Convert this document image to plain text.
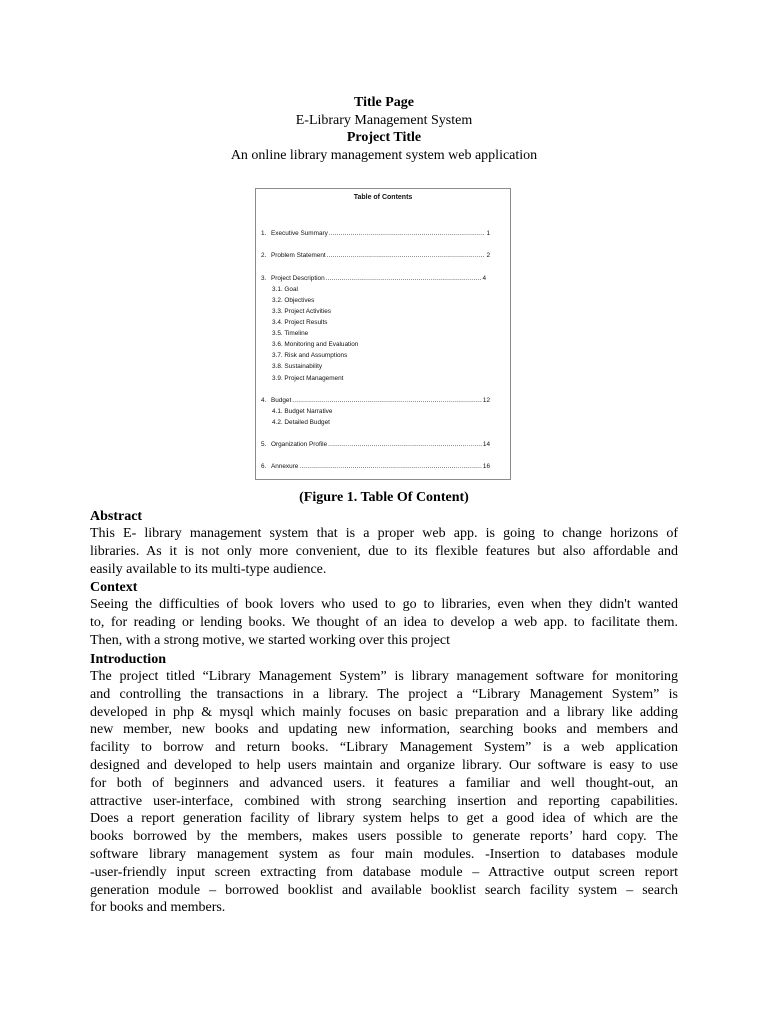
Title Page
E-Library Management System
Project Title
An online library management system web application
Table of Contents
1. Executive Summary .....	1
2. Problem Statement .....	2
3. Project Description .....	4
3.1. Goal
3.2. Objectives
3.3. Project Activities
3.4. Project Results
3.5. Timeline
3.6. Monitoring and Evaluation
3.7. Risk and Assumptions
3.8. Sustainability
3.9. Project Management
4. Budget .....	12
4.1. Budget Narrative
4.2. Detailed Budget
5. Organization Profile .....	14
6. Annexure .....	16
(Figure 1. Table Of Content)
Abstract
This E- library management system that is a proper web app. is going to change horizons of
libraries. As it is not only more convenient, due to its flexible features but also affordable and
easily available to its multi-type audience.
Context
Seeing the difficulties of book lovers who used to go to libraries, even when they didn't wanted
to, for reading or lending books. We thought of an idea to develop a web app. to facilitate them.
Then, with a strong motive, we started working over this project
Introduction
The project titled “Library Management System” is library management software for monitoring
and controlling the transactions in a library. The project a “Library Management System” is
developed in php & mysql which mainly focuses on basic preparation and a library like adding
new member, new books and updating new information, searching books and members and
facility to borrow and return books. “Library Management System” is a web application
designed and developed to help users maintain and organize library. Our software is easy to use
for both of beginners and advanced users. it features a familiar and well thought-out, an
attractive user-interface, combined with strong searching insertion and reporting capabilities.
Does a report generation facility of library system helps to get a good idea of which are the
books borrowed by the members, makes users possible to generate reports’ hard copy. The
software library management system as four main modules. -Insertion to databases module
-user-friendly input screen extracting from database module – Attractive output screen report
generation module – borrowed booklist and available booklist search facility system – search
for books and members.
